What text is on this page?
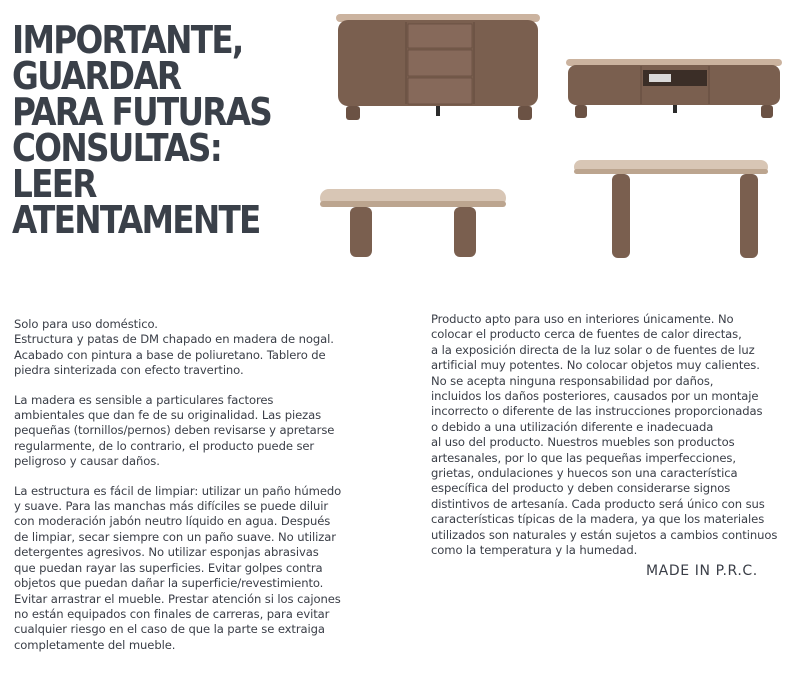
IMPORTANTE,
GUARDAR
PARA FUTURAS
CONSULTAS:
LEER
ATENTAMENTE

Solo para uso doméstico.
Estructura y patas de DM chapado en madera de nogal.
Acabado con pintura a base de poliuretano. Tablero de
piedra sinterizada con efecto travertino.

La madera es sensible a particulares factores
ambientales que dan fe de su originalidad. Las piezas
pequeñas (tornillos/pernos) deben revisarse y apretarse
regularmente, de lo contrario, el producto puede ser
peligroso y causar daños.

La estructura es fácil de limpiar: utilizar un paño húmedo
y suave. Para las manchas más difíciles se puede diluir
con moderación jabón neutro líquido en agua. Después
de limpiar, secar siempre con un paño suave. No utilizar
detergentes agresivos. No utilizar esponjas abrasivas
que puedan rayar las superficies. Evitar golpes contra
objetos que puedan dañar la superficie/revestimiento.
Evitar arrastrar el mueble. Prestar atención si los cajones
no están equipados con finales de carreras, para evitar
cualquier riesgo en el caso de que la parte se extraiga
completamente del mueble.

Producto apto para uso en interiores únicamente. No
colocar el producto cerca de fuentes de calor directas,
a la exposición directa de la luz solar o de fuentes de luz
artificial muy potentes. No colocar objetos muy calientes.
No se acepta ninguna responsabilidad por daños,
incluidos los daños posteriores, causados por un montaje
incorrecto o diferente de las instrucciones proporcionadas
o debido a una utilización diferente e inadecuada
al uso del producto. Nuestros muebles son productos
artesanales, por lo que las pequeñas imperfecciones,
grietas, ondulaciones y huecos son una característica
específica del producto y deben considerarse signos
distintivos de artesanía. Cada producto será único con sus
características típicas de la madera, ya que los materiales
utilizados son naturales y están sujetos a cambios continuos
como la temperatura y la humedad.

MADE IN P.R.C.
